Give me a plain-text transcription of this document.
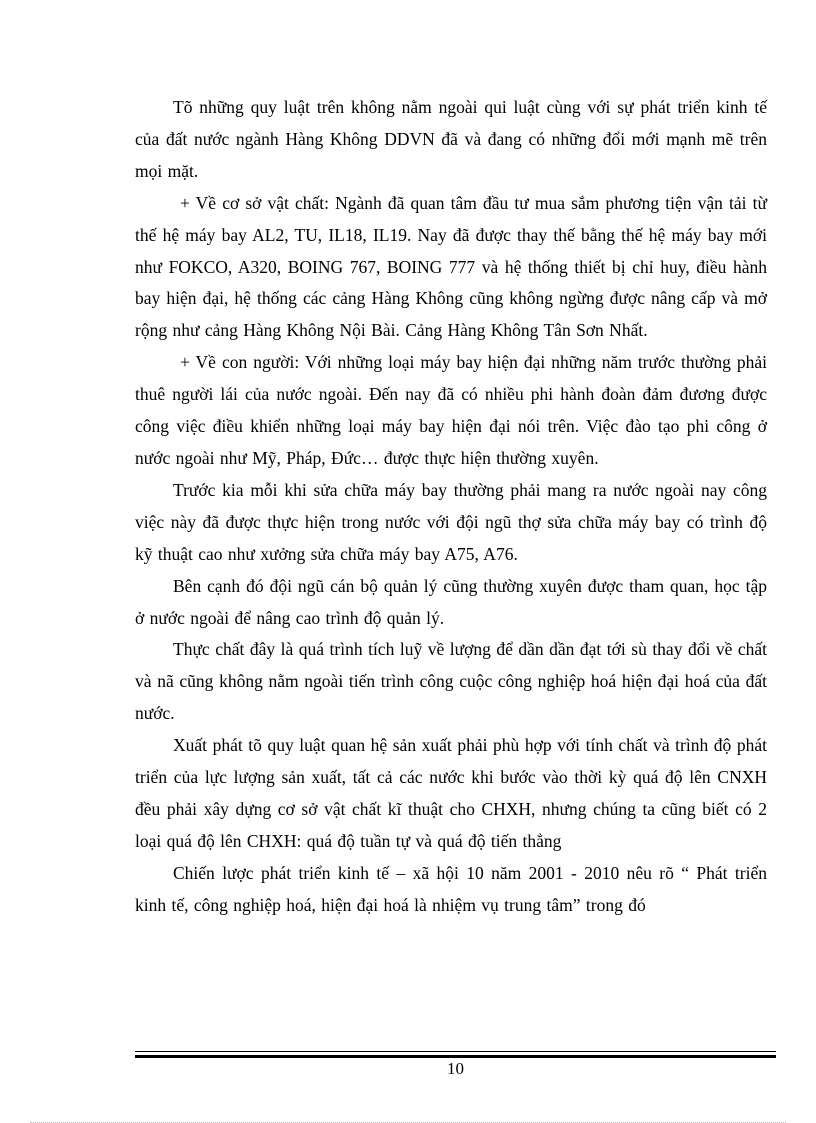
Tõ những quy luật trên không nằm ngoài qui luật cùng với sự phát triển kinh tế của đất nước ngành Hàng Không DDVN đã và đang có những đổi mới mạnh mẽ trên mọi mặt.

+ Về cơ sở vật chất: Ngành đã quan tâm đầu tư mua sắm phương tiện vận tải từ thế hệ máy bay AL2, TU, IL18, IL19. Nay đã được thay thế bằng thế hệ máy bay mới như FOKCO, A320, BOING 767, BOING 777 và hệ thống thiết bị chỉ huy, điều hành bay hiện đại, hệ thống các cảng Hàng Không cũng không ngừng được nâng cấp và mở rộng như cảng Hàng Không Nội Bài. Cảng Hàng Không Tân Sơn Nhất.

+ Về con người: Với những loại máy bay hiện đại những năm trước thường phải thuê người lái của nước ngoài. Đến nay đã có nhiều phi hành đoàn đảm đương được công việc điều khiển những loại máy bay hiện đại nói trên. Việc đào tạo phi công ở nước ngoài như Mỹ, Pháp, Đức… được thực hiện thường xuyên.

Trước kia mỗi khi sửa chữa máy bay thường phải mang ra nước ngoài nay công việc này đã được thực hiện trong nước với đội ngũ thợ sửa chữa máy bay có trình độ kỹ thuật cao như xưởng sửa chữa máy bay A75, A76.

Bên cạnh đó đội ngũ cán bộ quản lý cũng thường xuyên được tham quan, học tập ở nước ngoài để nâng cao trình độ quản lý.

Thực chất đây là quá trình tích luỹ về lượng để dần dần đạt tới sù thay đổi về chất và nã cũng không nằm ngoài tiến trình công cuộc công nghiệp hoá hiện đại hoá của đất nước.

Xuất phát tõ quy luật quan hệ sản xuất phải phù hợp với tính chất và trình độ phát triển của lực lượng sản xuất, tất cả các nước khi bước vào thời kỳ quá độ lên CNXH đều phải xây dựng cơ sở vật chất kĩ thuật cho CHXH, nhưng chúng ta cũng biết có 2 loại quá độ lên CHXH: quá độ tuần tự và quá độ tiến thẳng

Chiến lược phát triển kinh tế – xã hội 10 năm 2001 - 2010 nêu rõ “ Phát triển kinh tế, công nghiệp hoá, hiện đại hoá là nhiệm vụ trung tâm” trong đó

10
